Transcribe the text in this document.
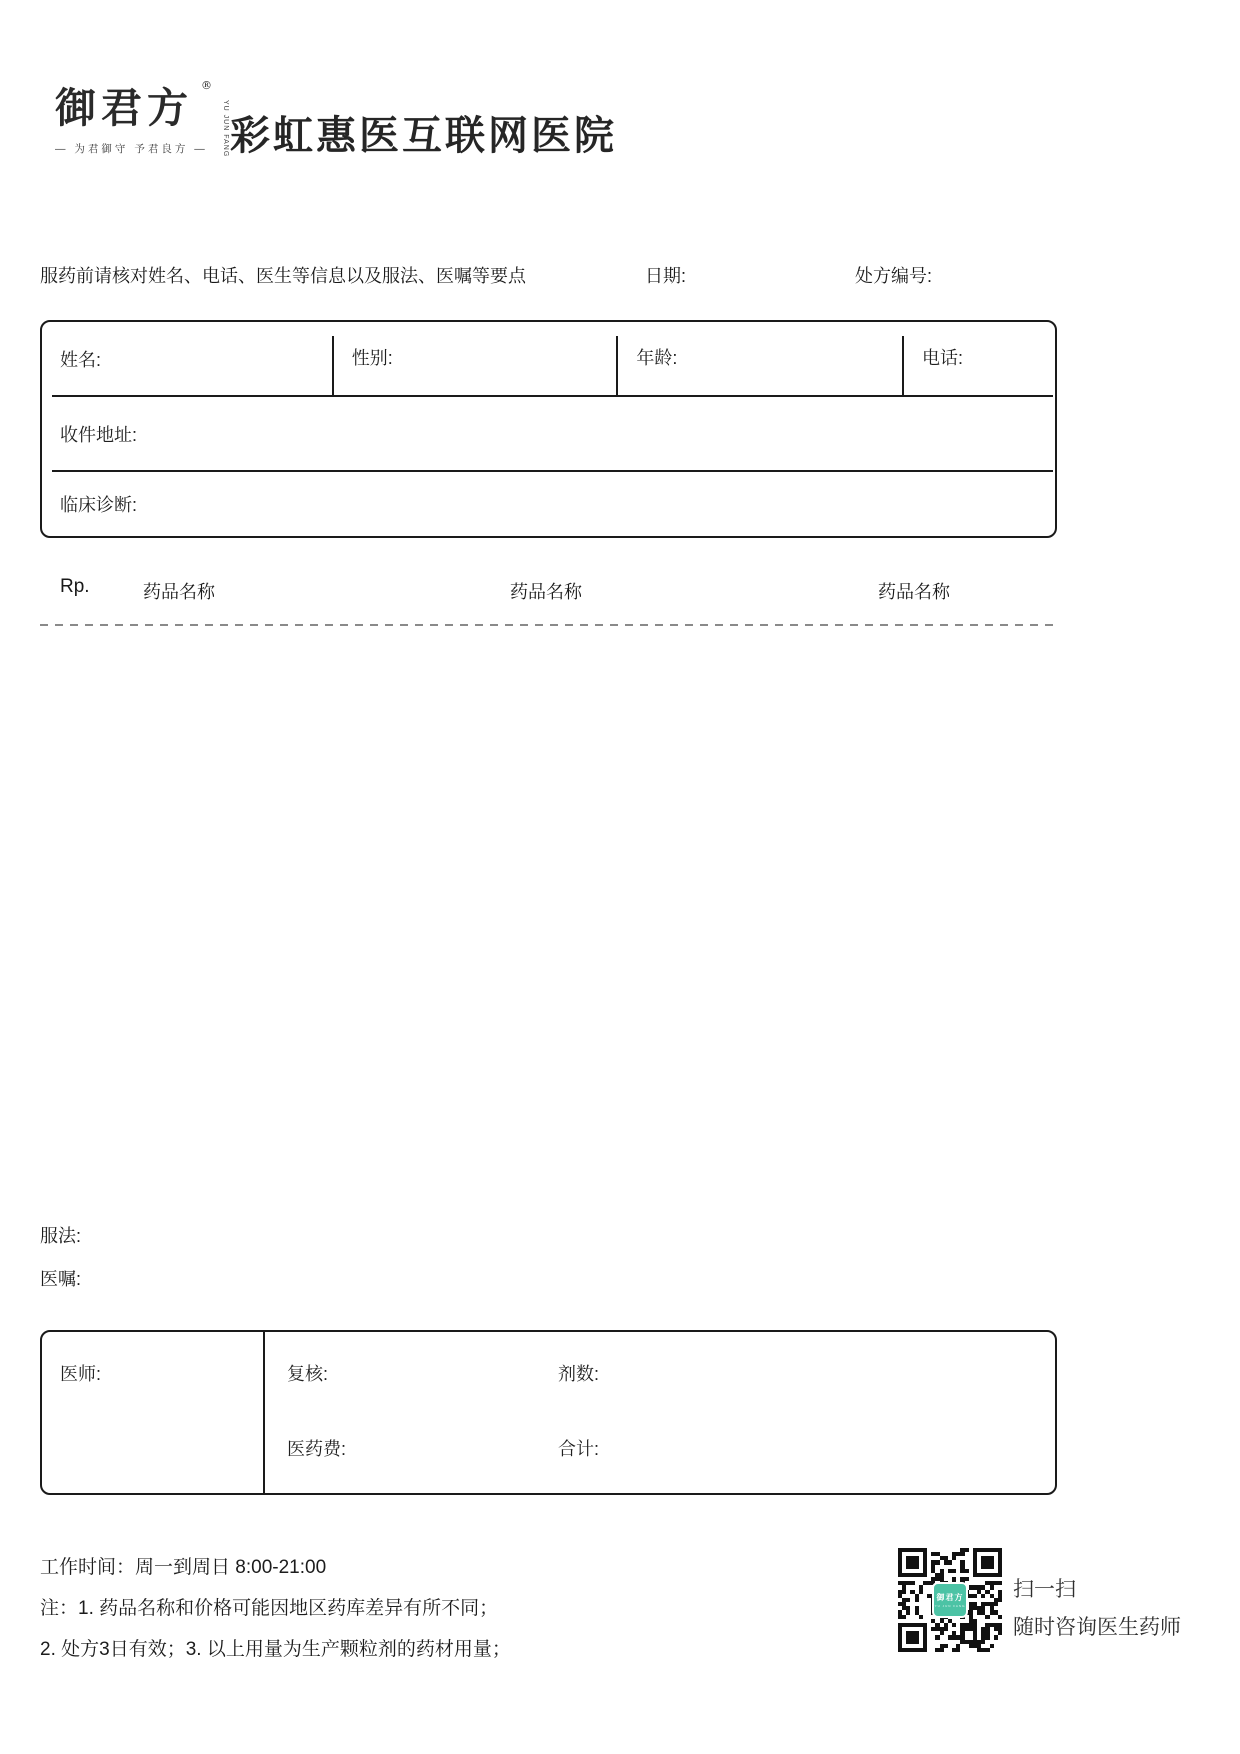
御君方 ®
YU JUN FANG
— 为君御守 予君良方 — 彩虹惠医互联网医院
服药前请核对姓名、电话、医生等信息以及服法、医嘱等要点	日期:	处方编号:
姓名:	性别:	年龄:	电话:
收件地址:
临床诊断:
Rp.	药品名称	药品名称	药品名称
服法:
医嘱:
医师:	复核:	剂数:
医药费:	合计:
工作时间：周一到周日 8:00-21:00
注：1. 药品名称和价格可能因地区药库差异有所不同；
2. 处方3日有效；3. 以上用量为生产颗粒剂的药材用量；
御君方
YU JUN FANG
扫一扫
随时咨询医生药师
